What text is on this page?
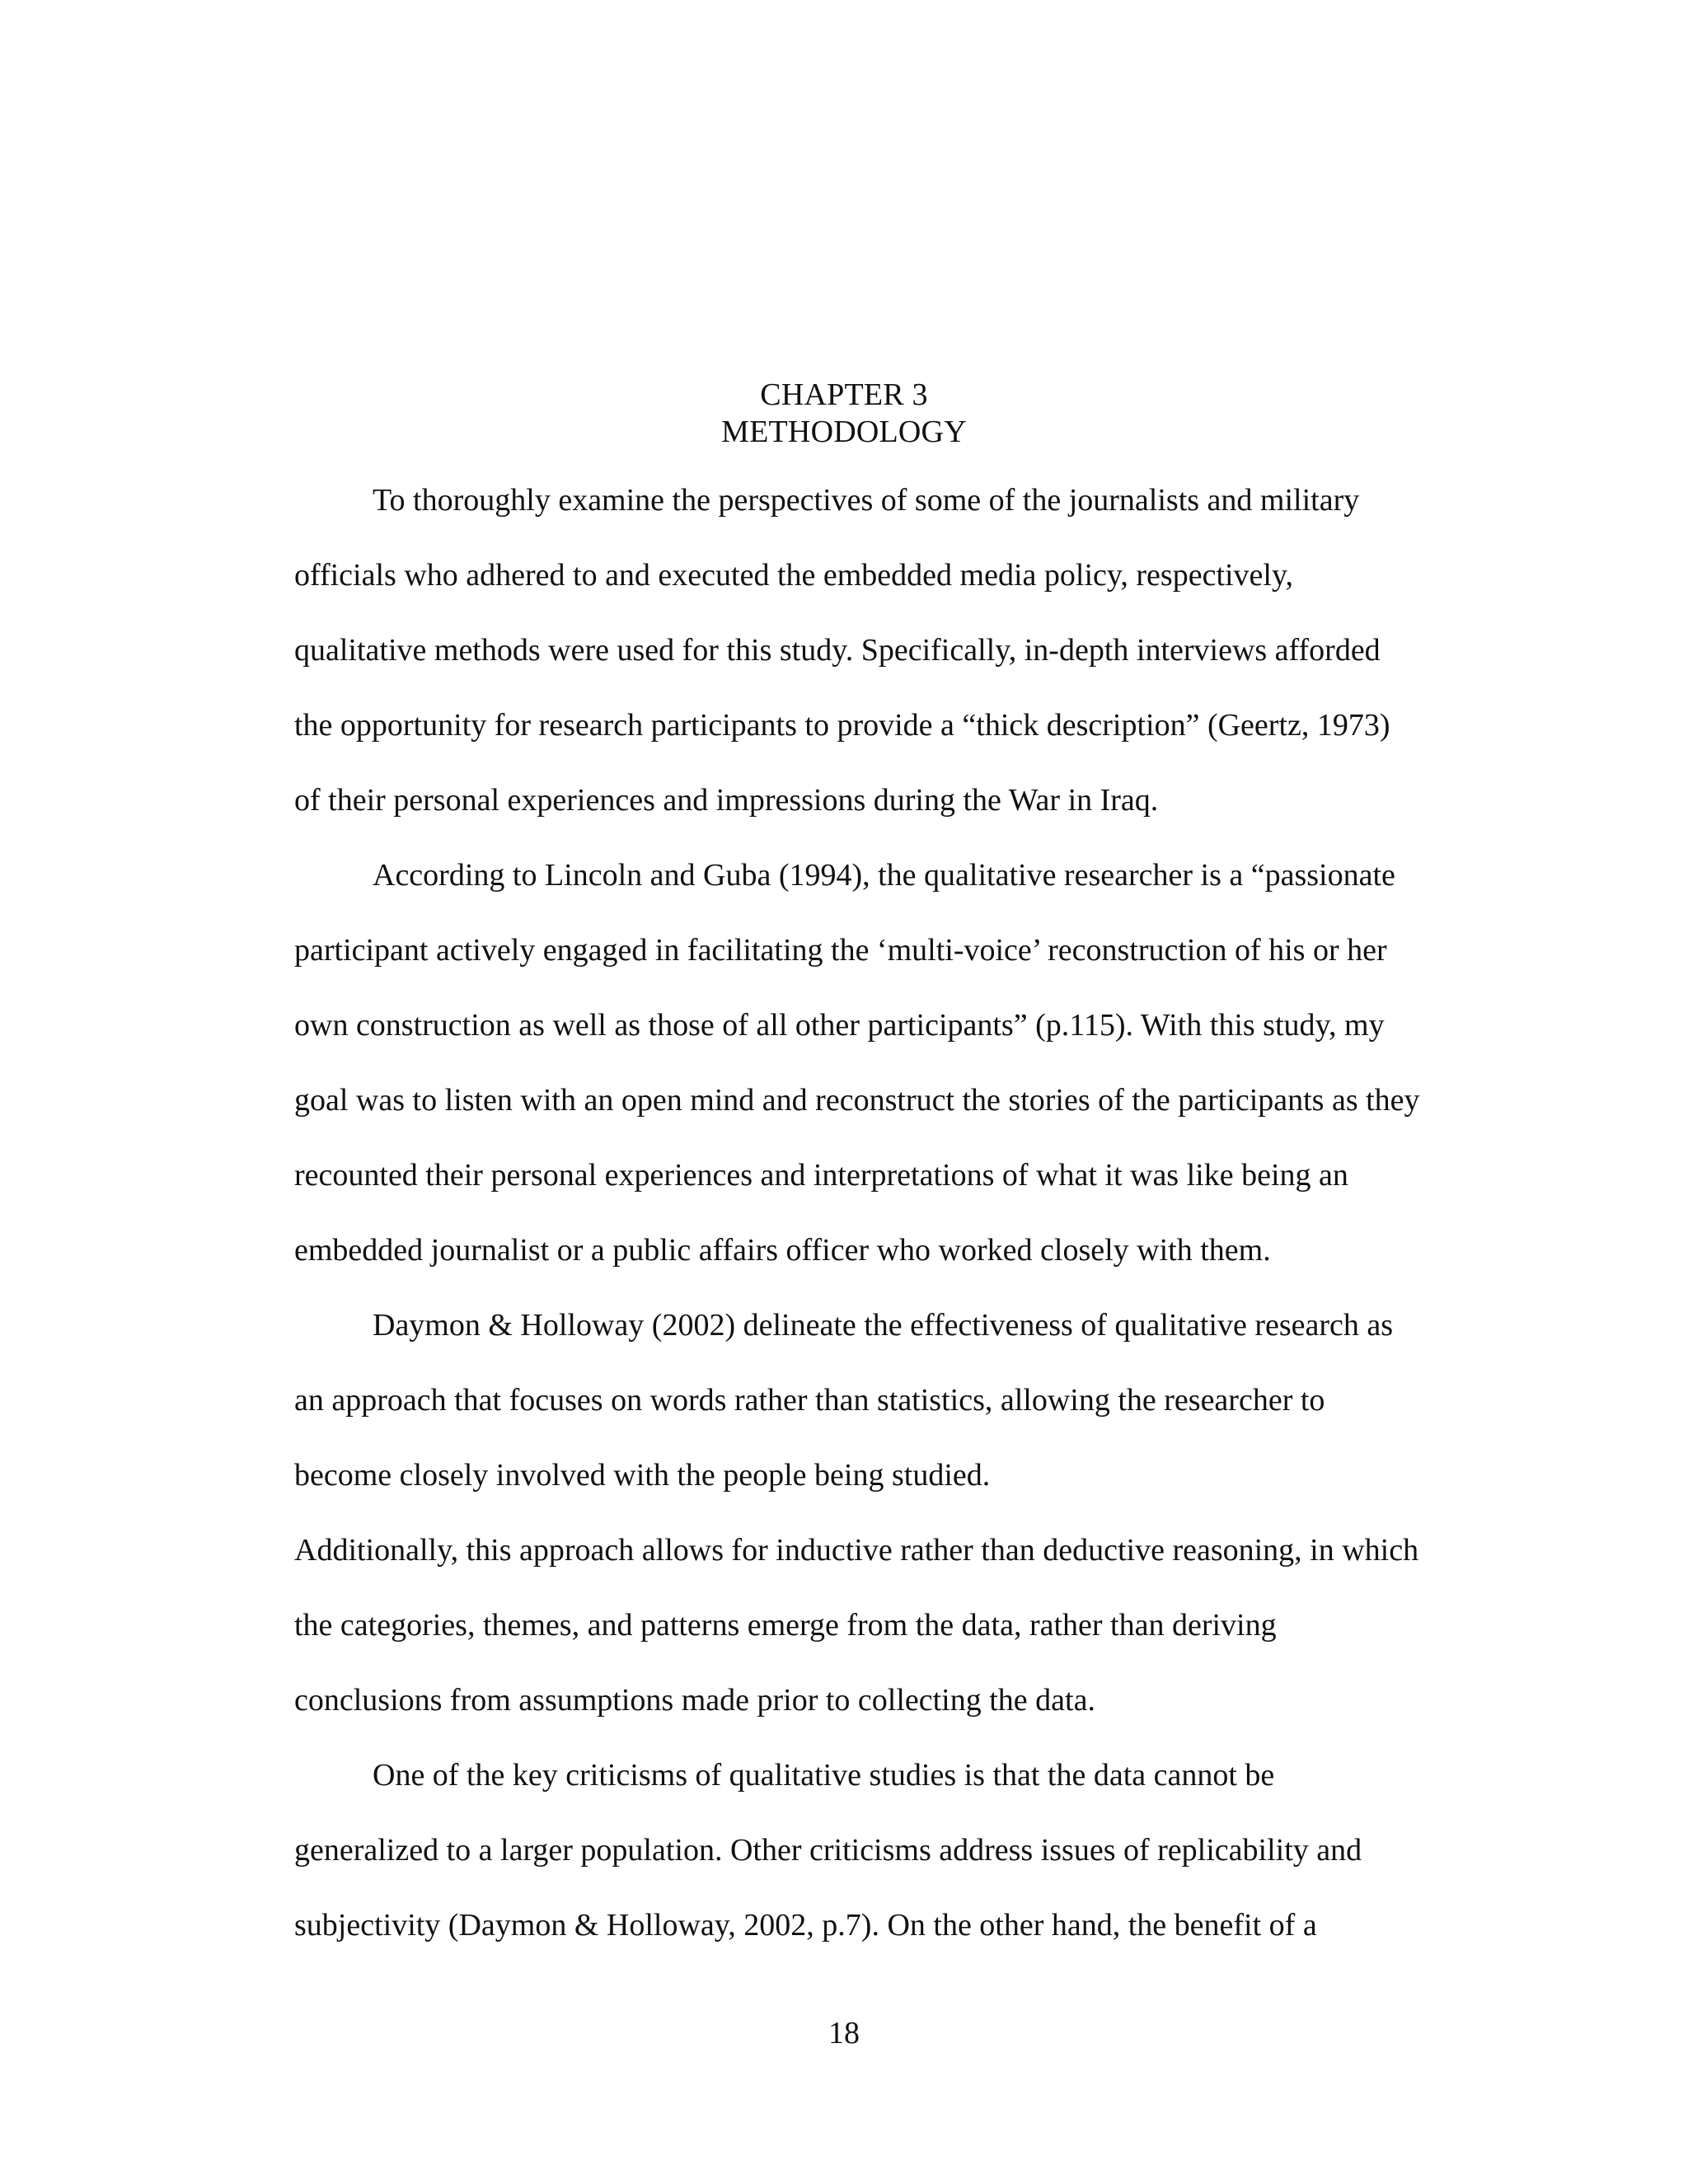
CHAPTER 3
METHODOLOGY
To thoroughly examine the perspectives of some of the journalists and military
officials who adhered to and executed the embedded media policy, respectively,
qualitative methods were used for this study. Specifically, in-depth interviews afforded
the opportunity for research participants to provide a “thick description” (Geertz, 1973)
of their personal experiences and impressions during the War in Iraq.
According to Lincoln and Guba (1994), the qualitative researcher is a “passionate
participant actively engaged in facilitating the ‘multi-voice’ reconstruction of his or her
own construction as well as those of all other participants” (p.115). With this study, my
goal was to listen with an open mind and reconstruct the stories of the participants as they
recounted their personal experiences and interpretations of what it was like being an
embedded journalist or a public affairs officer who worked closely with them.
Daymon & Holloway (2002) delineate the effectiveness of qualitative research as
an approach that focuses on words rather than statistics, allowing the researcher to
become closely involved with the people being studied.
Additionally, this approach allows for inductive rather than deductive reasoning, in which
the categories, themes, and patterns emerge from the data, rather than deriving
conclusions from assumptions made prior to collecting the data.
One of the key criticisms of qualitative studies is that the data cannot be
generalized to a larger population. Other criticisms address issues of replicability and
subjectivity (Daymon & Holloway, 2002, p.7). On the other hand, the benefit of a
18
